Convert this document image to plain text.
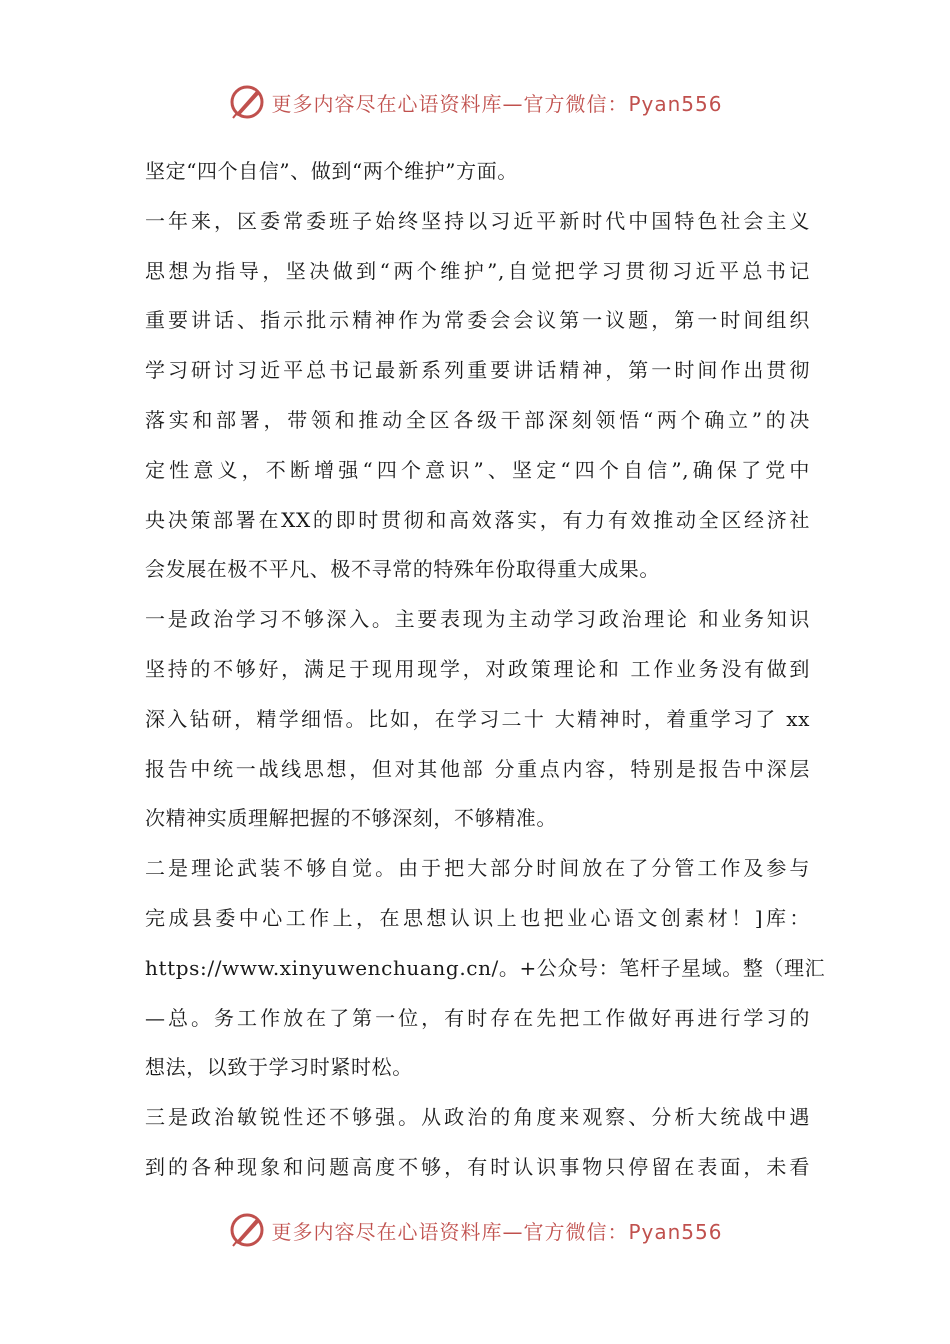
更多内容尽在心语资料库—官方微信：Pyan556
坚定“四个自信”、做到“两个维护”方面。
一年来，区委常委班子始终坚持以习近平新时代中国特色社会主义
思想为指导，坚决做到“两个维护”,自觉把学习贯彻习近平总书记
重要讲话、指示批示精神作为常委会会议第一议题，第一时间组织
学习研讨习近平总书记最新系列重要讲话精神，第一时间作出贯彻
落实和部署，带领和推动全区各级干部深刻领悟“两个确立”的决
定性意义，不断增强“四个意识”、坚定“四个自信”,确保了党中
央决策部署在XX的即时贯彻和高效落实，有力有效推动全区经济社
会发展在极不平凡、极不寻常的特殊年份取得重大成果。
一是政治学习不够深入。主要表现为主动学习政治理论 和业务知识
坚持的不够好，满足于现用现学，对政策理论和 工作业务没有做到
深入钻研，精学细悟。比如，在学习二十 大精神时，着重学习了 xx
报告中统一战线思想，但对其他部 分重点内容，特别是报告中深层
次精神实质理解把握的不够深刻，不够精准。
二是理论武装不够自觉。由于把大部分时间放在了分管工作及参与
完成县委中心工作上，在思想认识上也把业心语文创素材！]库：
https://www.xinyuwenchuang.cn/。+公众号：笔杆子星域。整（理汇
—总。务工作放在了第一位，有时存在先把工作做好再进行学习的
想法，以致于学习时紧时松。
三是政治敏锐性还不够强。从政治的角度来观察、分析大统战中遇
到的各种现象和问题高度不够，有时认识事物只停留在表面，未看
更多内容尽在心语资料库—官方微信：Pyan556
